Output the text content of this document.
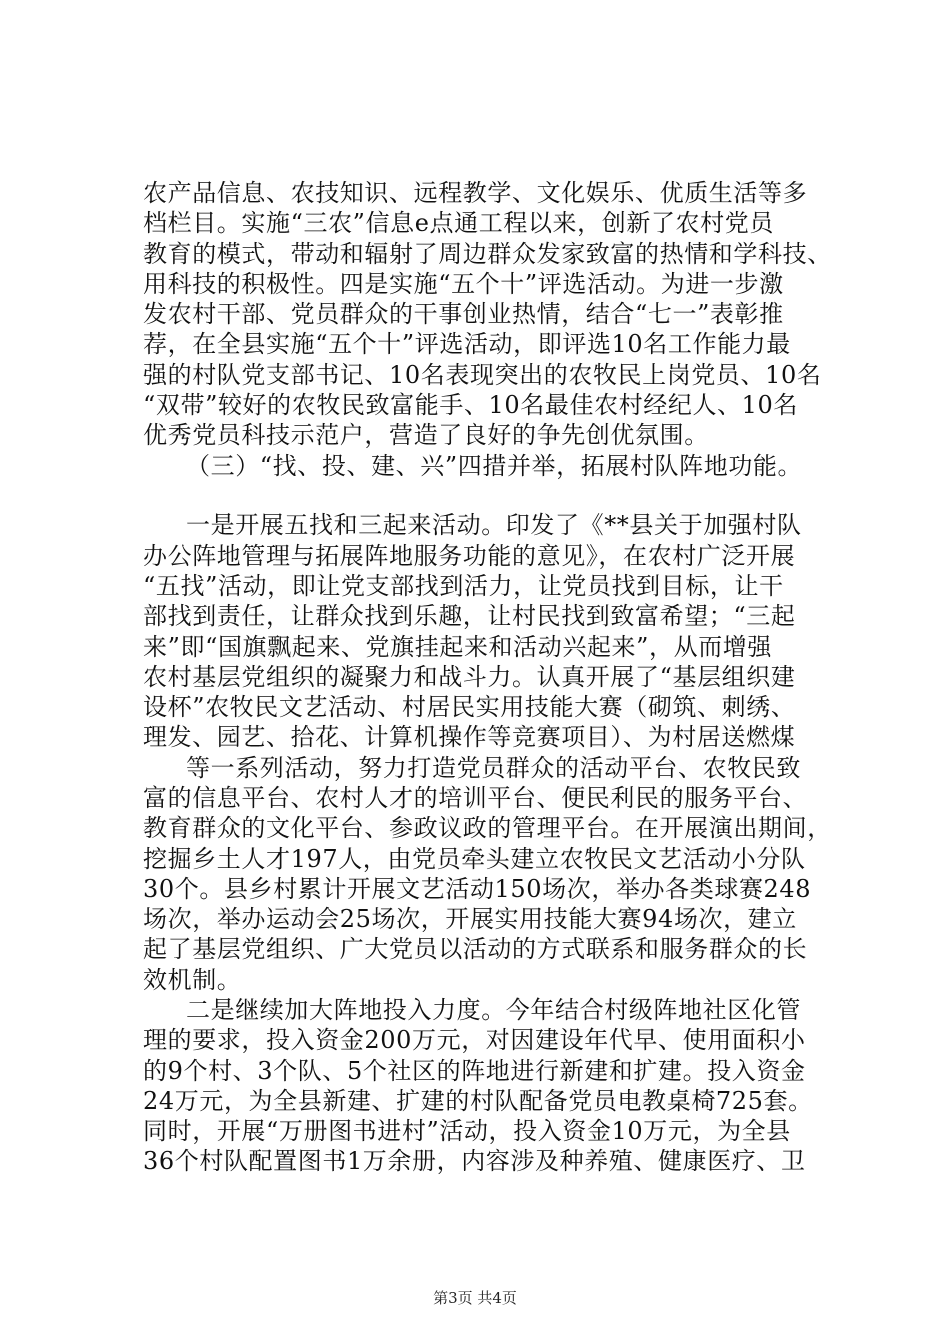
农产品信息、农技知识、远程教学、文化娱乐、优质生活等多
档栏目。实施“三农”信息e点通工程以来，创新了农村党员
教育的模式，带动和辐射了周边群众发家致富的热情和学科技、
用科技的积极性。四是实施“五个十”评选活动。为进一步激
发农村干部、党员群众的干事创业热情，结合“七一”表彰推
荐，在全县实施“五个十”评选活动，即评选10名工作能力最
强的村队党支部书记、10名表现突出的农牧民上岗党员、10名
“双带”较好的农牧民致富能手、10名最佳农村经纪人、10名
优秀党员科技示范户，营造了良好的争先创优氛围。
（三）“找、投、建、兴”四措并举，拓展村队阵地功能。
一是开展五找和三起来活动。印发了《**县关于加强村队
办公阵地管理与拓展阵地服务功能的意见》，在农村广泛开展
“五找”活动，即让党支部找到活力，让党员找到目标，让干
部找到责任，让群众找到乐趣，让村民找到致富希望；“三起
来”即“国旗飘起来、党旗挂起来和活动兴起来”，从而增强
农村基层党组织的凝聚力和战斗力。认真开展了“基层组织建
设杯”农牧民文艺活动、村居民实用技能大赛（砌筑、刺绣、
理发、园艺、拾花、计算机操作等竞赛项目）、为村居送燃煤
等一系列活动，努力打造党员群众的活动平台、农牧民致
富的信息平台、农村人才的培训平台、便民利民的服务平台、
教育群众的文化平台、参政议政的管理平台。在开展演出期间，
挖掘乡土人才197人，由党员牵头建立农牧民文艺活动小分队
30个。县乡村累计开展文艺活动150场次，举办各类球赛248
场次，举办运动会25场次，开展实用技能大赛94场次，建立
起了基层党组织、广大党员以活动的方式联系和服务群众的长
效机制。
二是继续加大阵地投入力度。今年结合村级阵地社区化管
理的要求，投入资金200万元，对因建设年代早、使用面积小
的9个村、3个队、5个社区的阵地进行新建和扩建。投入资金
24万元，为全县新建、扩建的村队配备党员电教桌椅725套。
同时，开展“万册图书进村”活动，投入资金10万元，为全县
36个村队配置图书1万余册，内容涉及种养殖、健康医疗、卫
第3页 共4页
